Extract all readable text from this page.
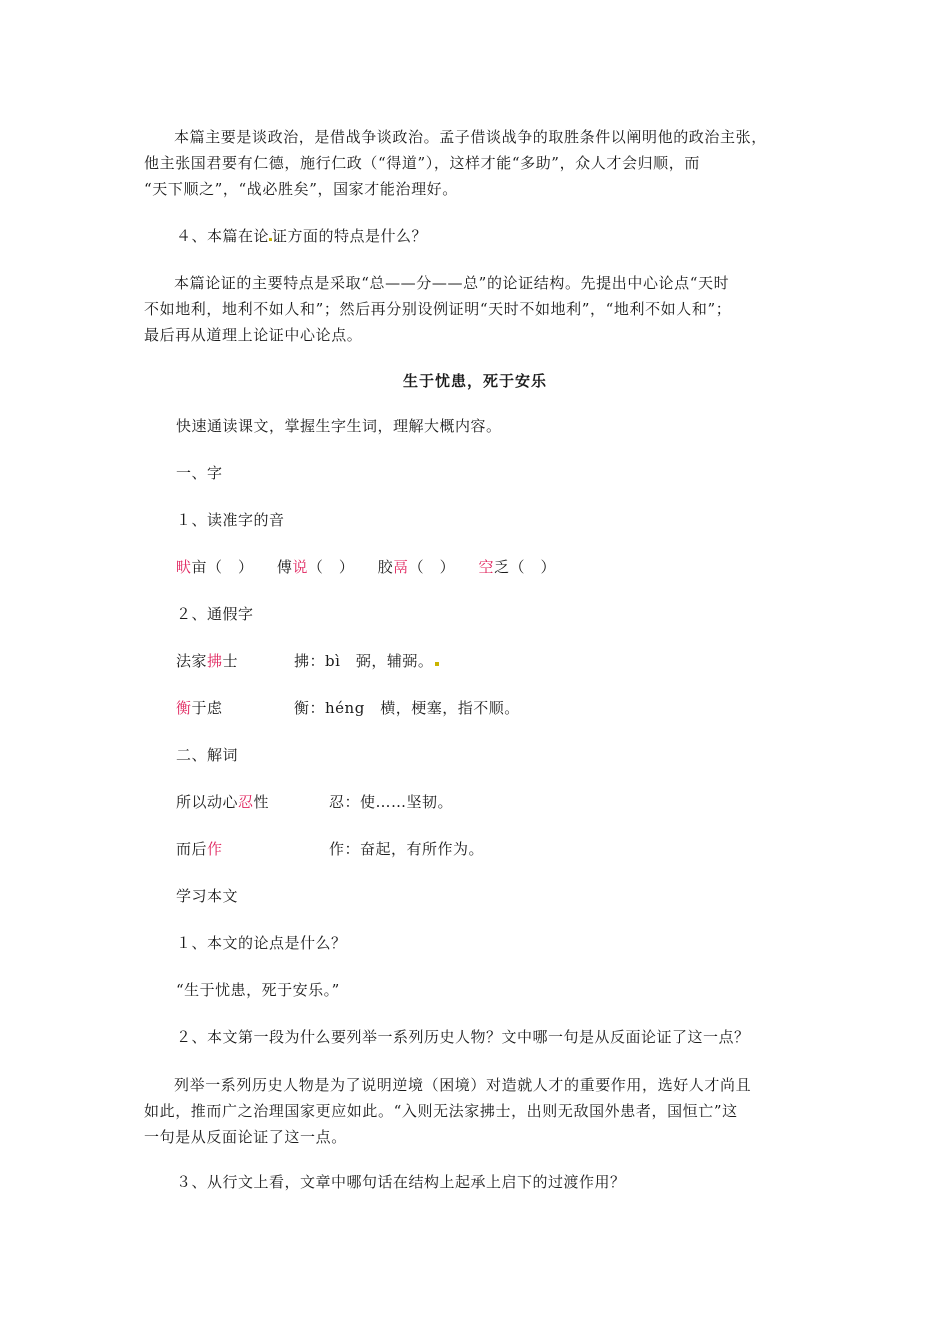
本篇主要是谈政治，是借战争谈政治。孟子借谈战争的取胜条件以阐明他的政治主张，
他主张国君要有仁德，施行仁政（“得道”），这样才能“多助”，众人才会归顺，而
“天下顺之”，“战必胜矣”，国家才能治理好。
４、本篇在论 证方面的特点是什么？
本篇论证的主要特点是采取“总——分——总”的论证结构。先提出中心论点“天时
不如地利，地利不如人和”；然后再分别设例证明“天时不如地利”，“地利不如人和”；
最后再从道理上论证中心论点。
生于忧患，死于安乐
快速通读课文，掌握生字生词，理解大概内容。
一、字
１、读准字的音
畎亩（　） 傅说（　） 胶鬲（　） 空乏（　）
２、通假字
法家拂士	拂：bì　弼，辅弼。
衡于虑	衡：héng　横，梗塞，指不顺。
二、解词
所以动心忍性	忍：使……坚韧。
而后作	作：奋起，有所作为。
学习本文
１、本文的论点是什么？
“生于忧患，死于安乐。”
２、本文第一段为什么要列举一系列历史人物？文中哪一句是从反面论证了这一点？
列举一系列历史人物是为了说明逆境（困境）对造就人才的重要作用，选好人才尚且
如此，推而广之治理国家更应如此。“入则无法家拂士，出则无敌国外患者，国恒亡”这
一句是从反面论证了这一点。
３、从行文上看，文章中哪句话在结构上起承上启下的过渡作用？
